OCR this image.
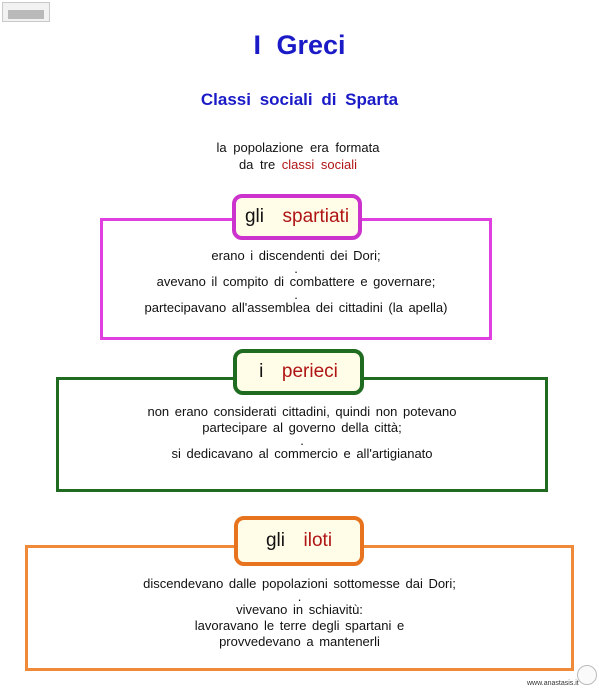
I Greci
Classi sociali di Sparta
la popolazione era formata
da tre classi sociali
erano i discendenti dei Dori;
.
avevano il compito di combattere e governare;
.
partecipavano all'assemblea dei cittadini (la apella)
gli
spartiati
non erano considerati cittadini, quindi non potevano
partecipare al governo della città;
.
si dedicavano al commercio e all'artigianato
i
perieci
discendevano dalle popolazioni sottomesse dai Dori;
.
vivevano in schiavitù:
lavoravano le terre degli spartani e
provvedevano a mantenerli
gli
iloti
www.anastasis.it
